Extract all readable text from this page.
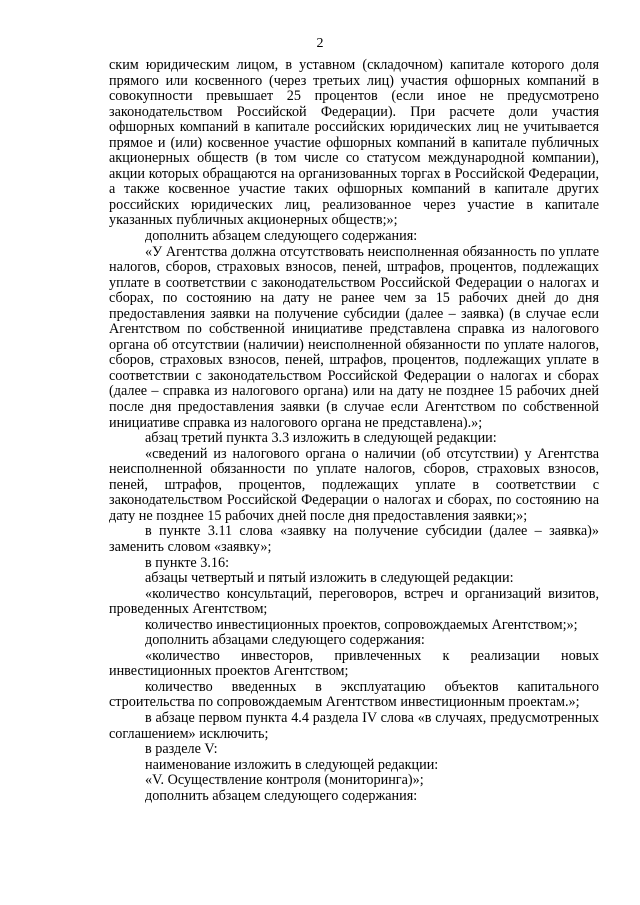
2

ским юридическим лицом, в уставном (складочном) капитале которого доля прямого или косвенного (через третьих лиц) участия офшорных компаний в совокупности превышает 25 процентов (если иное не предусмотрено законодательством Российской Федерации). При расчете доли участия офшорных компаний в капитале российских юридических лиц не учитывается прямое и (или) косвенное участие офшорных компаний в капитале публичных акционерных обществ (в том числе со статусом международной компании), акции которых обращаются на организованных торгах в Российской Федерации, а также косвенное участие таких офшорных компаний в капитале других российских юридических лиц, реализованное через участие в капитале указанных публичных акционерных обществ;»;

дополнить абзацем следующего содержания:

«У Агентства должна отсутствовать неисполненная обязанность по уплате налогов, сборов, страховых взносов, пеней, штрафов, процентов, подлежащих уплате в соответствии с законодательством Российской Федерации о налогах и сборах, по состоянию на дату не ранее чем за 15 рабочих дней до дня предоставления заявки на получение субсидии (далее – заявка) (в случае если Агентством по собственной инициативе представлена справка из налогового органа об отсутствии (наличии) неисполненной обязанности по уплате налогов, сборов, страховых взносов, пеней, штрафов, процентов, подлежащих уплате в соответствии с законодательством Российской Федерации о налогах и сборах (далее – справка из налогового органа) или на дату не позднее 15 рабочих дней после дня предоставления заявки (в случае если Агентством по собственной инициативе справка из налогового органа не представлена).»;

абзац третий пункта 3.3 изложить в следующей редакции:

«сведений из налогового органа о наличии (об отсутствии) у Агентства неисполненной обязанности по уплате налогов, сборов, страховых взносов, пеней, штрафов, процентов, подлежащих уплате в соответствии с законодательством Российской Федерации о налогах и сборах, по состоянию на дату не позднее 15 рабочих дней после дня предоставления заявки;»;

в пункте 3.11 слова «заявку на получение субсидии (далее – заявка)» заменить словом «заявку»;

в пункте 3.16:

абзацы четвертый и пятый изложить в следующей редакции:

«количество консультаций, переговоров, встреч и организаций визитов, проведенных Агентством;

количество инвестиционных проектов, сопровождаемых Агентством;»;

дополнить абзацами следующего содержания:

«количество инвесторов, привлеченных к реализации новых инвестиционных проектов Агентством;

количество введенных в эксплуатацию объектов капитального строительства по сопровождаемым Агентством инвестиционным проектам.»;

в абзаце первом пункта 4.4 раздела IV слова «в случаях, предусмотренных соглашением» исключить;

в разделе V:

наименование изложить в следующей редакции:

«V. Осуществление контроля (мониторинга)»;

дополнить абзацем следующего содержания:
